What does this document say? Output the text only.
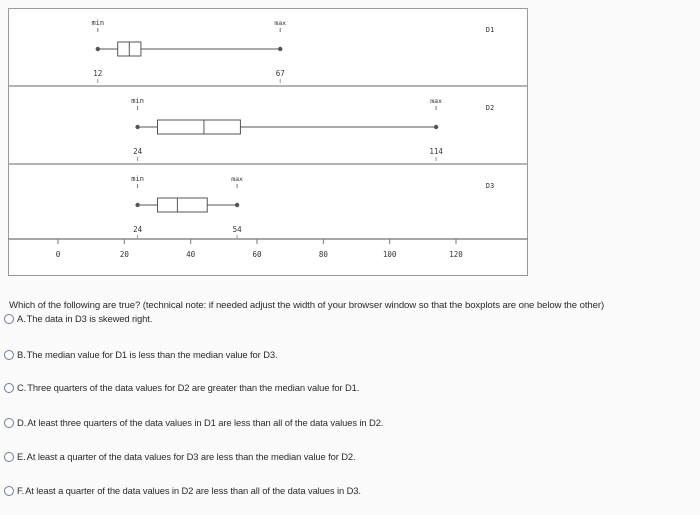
D1
min	max
12	67
D2
min	max
24	114
D3
min	max
24	54
0	20	40	60	80	100	120
Which of the following are true? (technical note: if needed adjust the width of your browser window so that the boxplots are one below the other)
A. The data in D3 is skewed right.
B. The median value for D1 is less than the median value for D3.
C. Three quarters of the data values for D2 are greater than the median value for D1.
D. At least three quarters of the data values in D1 are less than all of the data values in D2.
E. At least a quarter of the data values for D3 are less than the median value for D2.
F. At least a quarter of the data values in D2 are less than all of the data values in D3.
